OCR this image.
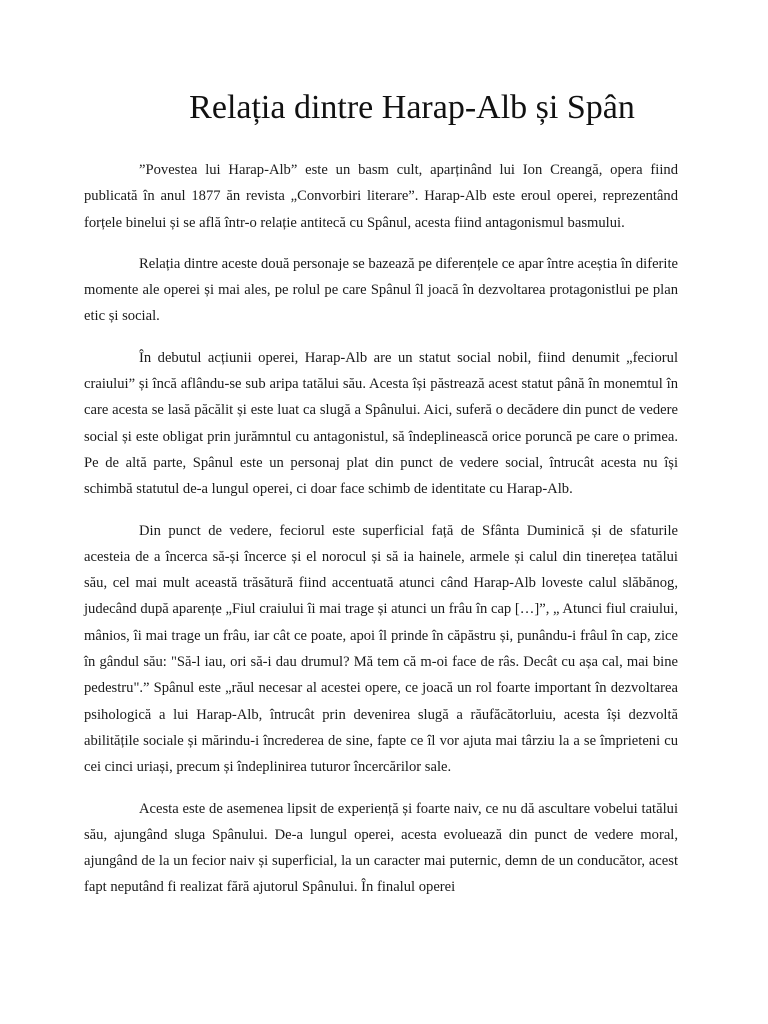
Relația dintre Harap-Alb și Spân

”Povestea lui Harap-Alb” este un basm cult, aparținând lui Ion Creangă, opera fiind publicată în anul 1877 ăn revista „Convorbiri literare”. Harap-Alb este eroul operei, reprezentând forțele binelui și se află într-o relație antitecă cu Spânul, acesta fiind antagonismul basmului.

Relația dintre aceste două personaje se bazează pe diferențele ce apar între aceștia în diferite momente ale operei și mai ales, pe rolul pe care Spânul îl joacă în dezvoltarea protagonistlui pe plan etic și social.

În debutul acțiunii operei, Harap-Alb are un statut social nobil, fiind denumit „feciorul craiului” și încă aflându-se sub aripa tatălui său. Acesta își păstrează acest statut până în monemtul în care acesta se lasă păcălit și este luat ca slugă a Spânului. Aici, suferă o decădere din punct de vedere social și este obligat prin jurămntul cu antagonistul, să îndeplinească orice poruncă pe care o primea. Pe de altă parte, Spânul este un personaj plat din punct de vedere social, întrucât acesta nu își schimbă statutul de-a lungul operei, ci doar face schimb de identitate cu Harap-Alb.

Din punct de vedere, feciorul este superficial față de Sfânta Duminică și de sfaturile acesteia de a încerca să-și încerce și el norocul și să ia hainele, armele și calul din tinerețea tatălui său, cel mai mult această trăsătură fiind accentuată atunci când Harap-Alb loveste calul slăbănog, judecând după aparențe „Fiul craiului îi mai trage și atunci un frâu în cap […]”, „ Atunci fiul craiului, mânios, îi mai trage un frâu, iar cât ce poate, apoi îl prinde în căpăstru și, punându-i frâul în cap, zice în gândul său: "Să-l iau, ori să-i dau drumul? Mă tem că m-oi face de râs. Decât cu așa cal, mai bine pedestru".” Spânul este „răul necesar al acestei opere, ce joacă un rol foarte important în dezvoltarea psihologică a lui Harap-Alb, întrucât prin devenirea slugă a răufăcătorluiu, acesta își dezvoltă abilitățile sociale și mărindu-i încrederea de sine, fapte ce îl vor ajuta mai târziu la a se împrieteni cu cei cinci uriași, precum și îndeplinirea tuturor încercărilor sale.

Acesta este de asemenea lipsit de experiență și foarte naiv, ce nu dă ascultare vobelui tatălui său, ajungând sluga Spânului. De-a lungul operei, acesta evoluează din punct de vedere moral, ajungând de la un fecior naiv și superficial, la un caracter mai puternic, demn de un conducător, acest fapt neputând fi realizat fără ajutorul Spânului. În finalul operei
